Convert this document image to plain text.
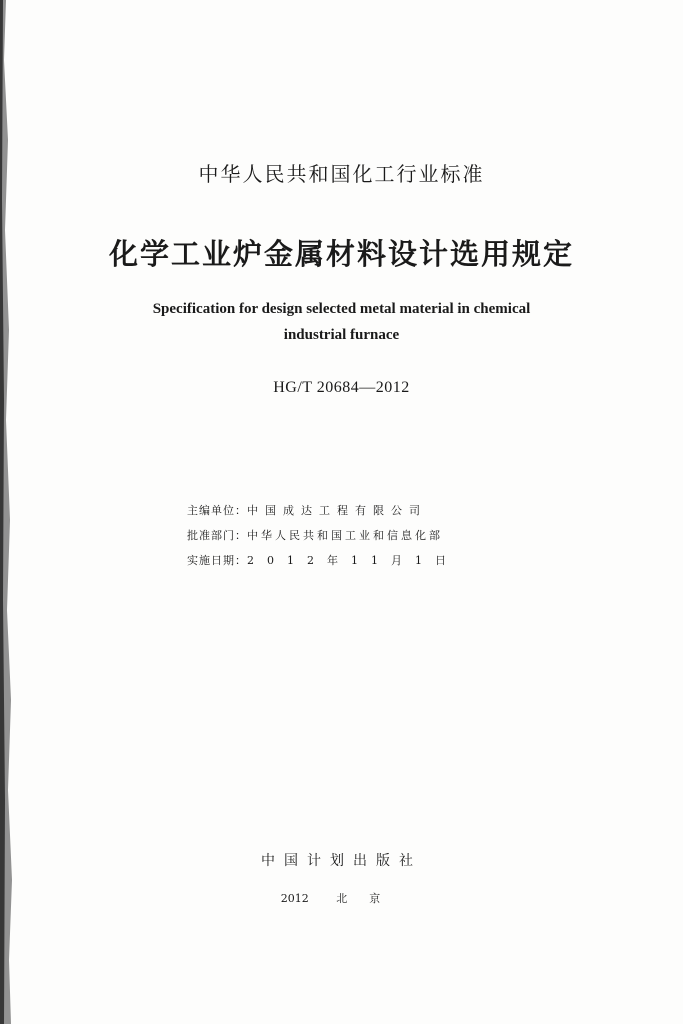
中华人民共和国化工行业标准
化学工业炉金属材料设计选用规定
Specification for design selected metal material in chemical
industrial furnace
HG/T 20684—2012
主编单位：中国成达工程有限公司
批准部门：中华人民共和国工业和信息化部
实施日期：2012年11月1日
中国计划出版社
2012	北京
